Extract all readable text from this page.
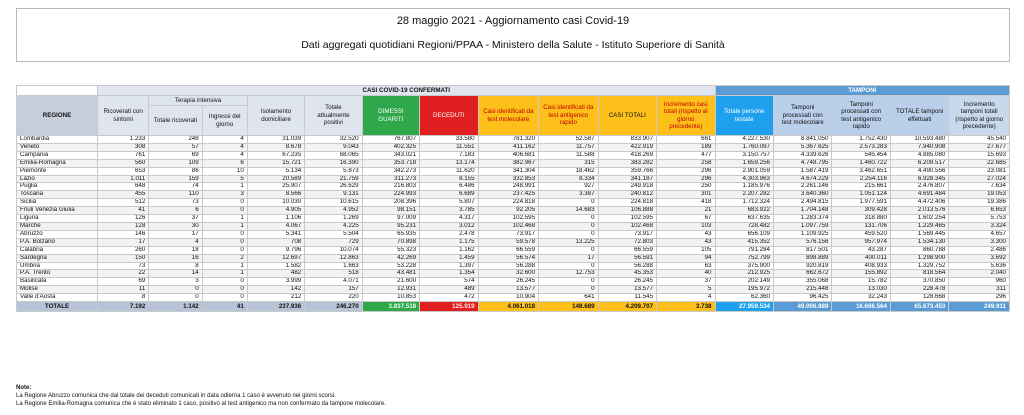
28 maggio 2021 - Aggiornamento casi Covid-19
Dati aggregati quotidiani Regioni/PPAA - Ministero della Salute - Istituto Superiore di Sanità
	CASI COVID-19 CONFERMATI											TAMPONI				
REGIONE	Ricoverati con sintomi	Terapia intensiva		Isolamento domiciliare	Totale attualmente positivi	DIMESSI GUARITI	DECEDUTI	Casi identificati da test molecolare	Casi identificati da test antigenico rapido	CASI TOTALI	Incremento casi totali (rispetto al giorno precedente)	Totale persone testate	Tamponi processati con test molecolare	Tamponi processati con test antigenico rapido	TOTALE tamponi effettuati	Incremento tamponi totali (rispetto al giorno precedente)
		Totale ricoverati	Ingressi del giorno													
Lombardia	1.233	248	4	31.039	32.520	767.807	33.580	781.320	52.587	833.907	661	4.227.530	8.841.050	1.752.430	10.593.480	45.540
Veneto	308	57	4	8.678	9.043	402.325	11.551	411.162	11.757	422.919	189	1.760.097	5.367.625	2.573.283	7.940.908	27.677
Campania	761	69	4	67.235	68.065	343.021	7.183	406.681	11.588	418.269	477	3.150.757	4.339.626	545.454	4.885.080	15.693
Emilia-Romagna	560	109	6	15.721	16.390	353.718	13.174	382.967	315	383.282	258	1.659.256	4.748.795	1.460.722	6.209.517	22.685
Piemonte	653	86	10	5.134	5.873	342.273	11.620	341.304	18.462	359.766	296	2.901.059	1.587.419	3.462.651	4.490.556	23.081
Lazio	1.011	159	5	20.589	21.759	311.273	8.155	332.853	8.334	341.187	296	4.303.963	4.674.229	2.254.116	6.928.345	27.024
Puglia	648	74	1	25.907	26.629	216.803	6.486	248.991	927	249.918	250	1.185.976	2.261.146	215.661	2.476.807	7.634
Toscana	455	110	3	8.566	9.131	224.993	6.689	237.425	3.387	240.812	301	2.207.282	3.640.360	1.051.124	4.691.484	19.053
Sicilia	512	73	0	10.030	10.615	208.396	5.807	224.818	0	224.818	418	1.712.324	2.494.815	1.977.591	4.472.406	19.386
Friuli Venezia Giulia	41	6	0	4.905	4.952	98.151	3.785	92.205	14.683	106.888	21	683.922	1.704.148	309.428	2.013.576	6.653
Liguria	126	37	1	1.106	1.269	97.009	4.317	102.595	0	102.595	67	637.635	1.283.374	318.880	1.602.254	5.753
Marche	128	30	1	4.067	4.225	95.231	3.012	102.468	0	102.468	103	728.482	1.097.759	131.706	1.229.465	3.324
Abruzzo	146	17	0	5.341	5.504	65.935	2.478	73.917	0	73.917	43	656.109	1.109.925	459.520	1.569.445	4.657
P.A. Bolzano	17	4	0	708	729	70.898	1.175	59.578	13.225	72.803	43	415.352	576.156	957.974	1.534.130	3.300
Calabria	260	18	0	9.796	10.074	55.323	1.162	66.559	0	66.559	105	791.284	817.501	43.287	860.788	2.486
Sardegna	150	16	2	12.697	12.863	42.269	1.459	56.574	17	56.591	94	752.799	898.889	400.011	1.298.900	3.692
Umbria	73	8	1	1.582	1.663	53.228	1.397	56.288	0	56.288	63	375.900	920.819	408.933	1.329.752	5.636
P.A. Trento	22	14	1	482	518	43.481	1.354	32.600	12.753	45.353	40	212.925	662.672	155.892	818.564	2.040
Basilicata	69	3	0	3.999	4.071	21.600	574	26.245	0	26.245	37	202.149	355.068	15.782	370.850	960
Molise	11	0	0	142	157	12.931	489	13.577	0	13.577	5	195.972	215.448	13.030	228.478	311
Valle d'Aosta	8	0	0	212	220	10.853	472	10.904	641	11.545	4	62.360	96.425	32.243	128.668	296
TOTALE	7.192	1.142	41	237.936	246.270	3.837.518	125.919	4.061.018	148.689	4.209.707	3.738	27.959.534	49.006.889	16.666.564	65.673.453	249.911
Note:
La Regione Abruzzo comunica che dal totale dei deceduti comunicati in data odierna 1 caso è avvenuto nei giorni scorsi.
La Regione Emilia-Romagna comunica che è stato eliminato 1 caso, positivo al test antigenico ma non confermato da tampone molecolare.
